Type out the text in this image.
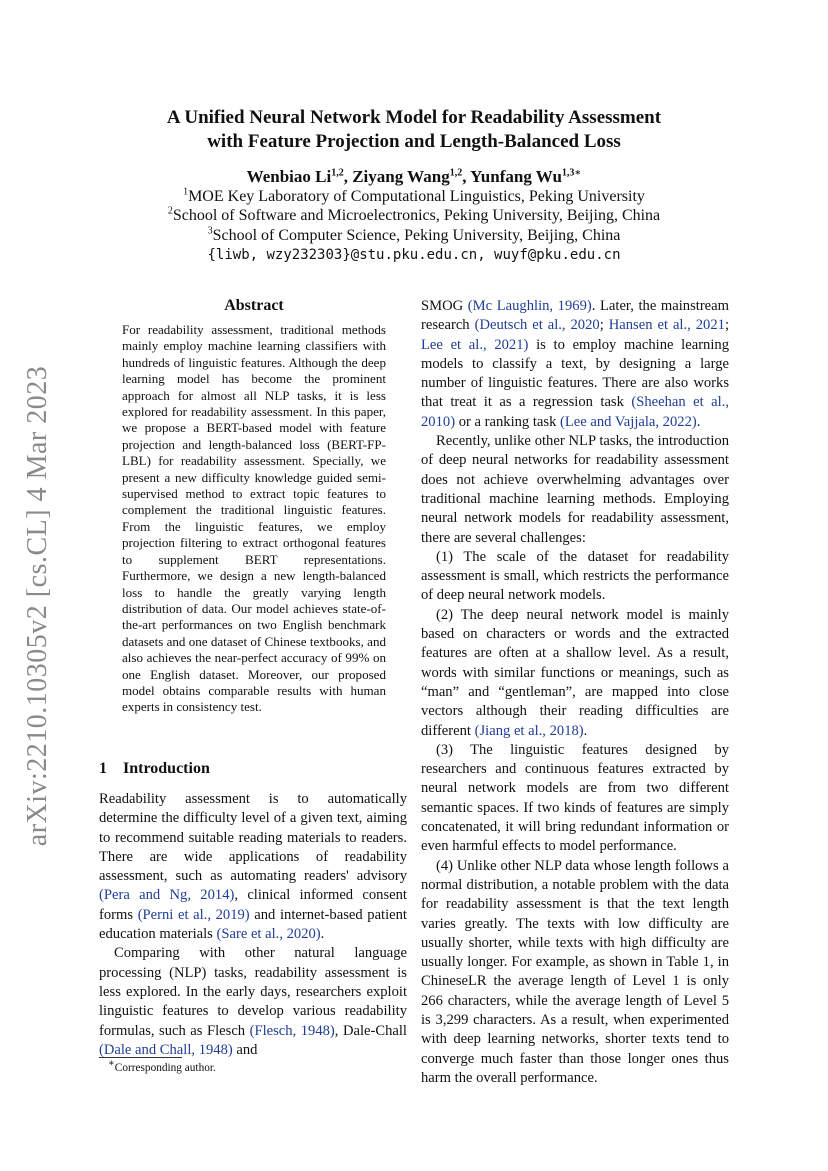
arXiv:2210.10305v2 [cs.CL] 4 Mar 2023
A Unified Neural Network Model for Readability Assessment
with Feature Projection and Length-Balanced Loss
Wenbiao Li$^{1,2}$, Ziyang Wang$^{1,2}$, Yunfang $Wu^{1,3∗}$
$^1$MOE Key Laboratory of Computational Linguistics, Peking University
$^2$School of Software and Microelectronics, Peking University, Beijing, China
$^3$School of Computer Science, Peking University, Beijing, China
{liwb, wzy232303}@stu.pku.edu.cn, wuyf@pku.edu.cn
Abstract
For readability assessment, traditional methods mainly employ machine learning classifiers with hundreds of linguistic features. Although the deep learning model has become the prominent approach for almost all NLP tasks, it is less explored for readability assessment. In this paper, we propose a BERT-based model with feature projection and length-balanced loss (BERT-FP-LBL) for readability assessment. Specially, we present a new difficulty knowledge guided semi-supervised method to extract topic features to complement the traditional linguistic features. From the linguistic features, we employ projection filtering to extract orthogonal features to supplement BERT representations. Furthermore, we design a new length-balanced loss to handle the greatly varying length distribution of data. Our model achieves state-of-the-art performances on two English benchmark datasets and one dataset of Chinese textbooks, and also achieves the near-perfect accuracy of 99% on one English dataset. Moreover, our proposed model obtains comparable results with human experts in consistency test.
1 Introduction

Readability assessment is to automatically determine the difficulty level of a given text, aiming to recommend suitable reading materials to readers. There are wide applications of readability assessment, such as automating readers' advisory (Pera and Ng, 2014), clinical informed consent forms (Perni et al., 2019) and internet-based patient education materials (Sare et al., 2020).

Comparing with other natural language processing (NLP) tasks, readability assessment is less explored. In the early days, researchers exploit linguistic features to develop various readability formulas, such as Flesch (Flesch, 1948), Dale-Chall (Dale and Chall, 1948) and

SMOG (Mc Laughlin, 1969). Later, the mainstream research (Deutsch et al., 2020; Hansen et al., 2021; Lee et al., 2021) is to employ machine learning models to classify a text, by designing a large number of linguistic features. There are also works that treat it as a regression task (Sheehan et al., 2010) or a ranking task (Lee and Vajjala, 2022).

Recently, unlike other NLP tasks, the introduction of deep neural networks for readability assessment does not achieve overwhelming advantages over traditional machine learning methods. Employing neural network models for readability assessment, there are several challenges:

(1) The scale of the dataset for readability assessment is small, which restricts the performance of deep neural network models.

(2) The deep neural network model is mainly based on characters or words and the extracted features are often at a shallow level. As a result, words with similar functions or meanings, such as “man” and “gentleman”, are mapped into close vectors although their reading difficulties are different (Jiang et al., 2018).

(3) The linguistic features designed by researchers and continuous features extracted by neural network models are from two different semantic spaces. If two kinds of features are simply concatenated, it will bring redundant information or even harmful effects to model performance.

(4) Unlike other NLP data whose length follows a normal distribution, a notable problem with the data for readability assessment is that the text length varies greatly. The texts with low difficulty are usually shorter, while texts with high difficulty are usually longer. For example, as shown in Table 1, in ChineseLR the average length of Level 1 is only 266 characters, while the average length of Level 5 is 3,299 characters. As a result, when experimented with deep learning networks, shorter texts tend to converge much faster than those longer ones thus harm the overall performance.

∗Corresponding author.
